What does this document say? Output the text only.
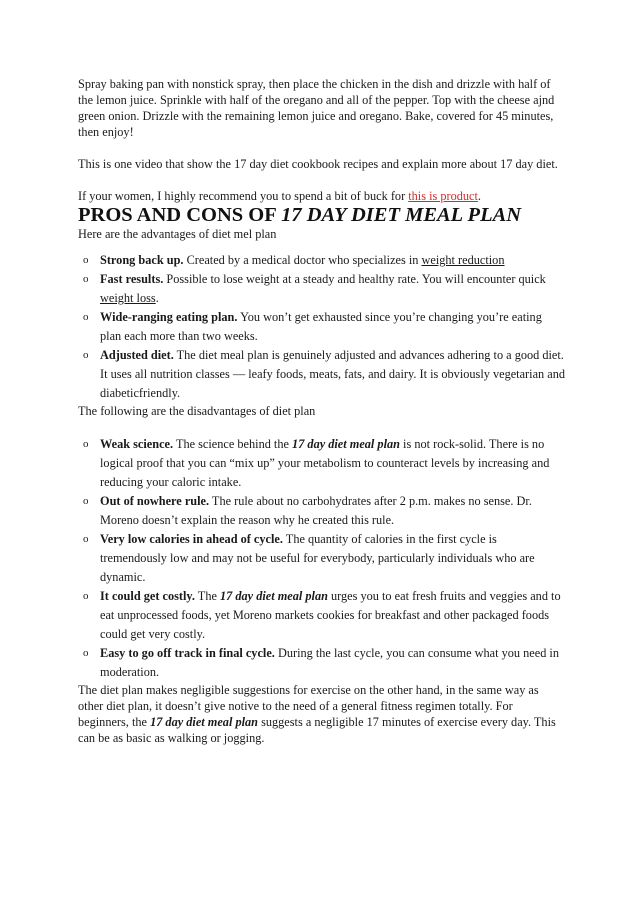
Spray baking pan with nonstick spray, then place the chicken in the dish and drizzle with half of the lemon juice. Sprinkle with half of the oregano and all of the pepper. Top with the cheese ajnd green onion. Drizzle with the remaining lemon juice and oregano. Bake, covered for 45 minutes, then enjoy!

This is one video that show the 17 day diet cookbook recipes and explain more about 17 day diet.

If your women, I highly recommend you to spend a bit of buck for this is product.

PROS AND CONS OF 17 DAY DIET MEAL PLAN

Here are the advantages of diet mel plan

o Strong back up. Created by a medical doctor who specializes in weight reduction
o Fast results. Possible to lose weight at a steady and healthy rate. You will encounter quick weight loss.
o Wide-ranging eating plan. You won’t get exhausted since you’re changing you’re eating plan each more than two weeks.
o Adjusted diet. The diet meal plan is genuinely adjusted and advances adhering to a good diet. It uses all nutrition classes — leafy foods, meats, fats, and dairy. It is obviously vegetarian and diabeticfriendly.

The following are the disadvantages of diet plan

o Weak science. The science behind the 17 day diet meal plan is not rock-solid. There is no logical proof that you can “mix up” your metabolism to counteract levels by increasing and reducing your caloric intake.
o Out of nowhere rule. The rule about no carbohydrates after 2 p.m. makes no sense. Dr. Moreno doesn’t explain the reason why he created this rule.
o Very low calories in ahead of cycle. The quantity of calories in the first cycle is tremendously low and may not be useful for everybody, particularly individuals who are dynamic.
o It could get costly. The 17 day diet meal plan urges you to eat fresh fruits and veggies and to eat unprocessed foods, yet Moreno markets cookies for breakfast and other packaged foods could get very costly.
o Easy to go off track in final cycle. During the last cycle, you can consume what you need in moderation.

The diet plan makes negligible suggestions for exercise on the other hand, in the same way as other diet plan, it doesn’t give notive to the need of a general fitness regimen totally. For beginners, the 17 day diet meal plan suggests a negligible 17 minutes of exercise every day. This can be as basic as walking or jogging.
